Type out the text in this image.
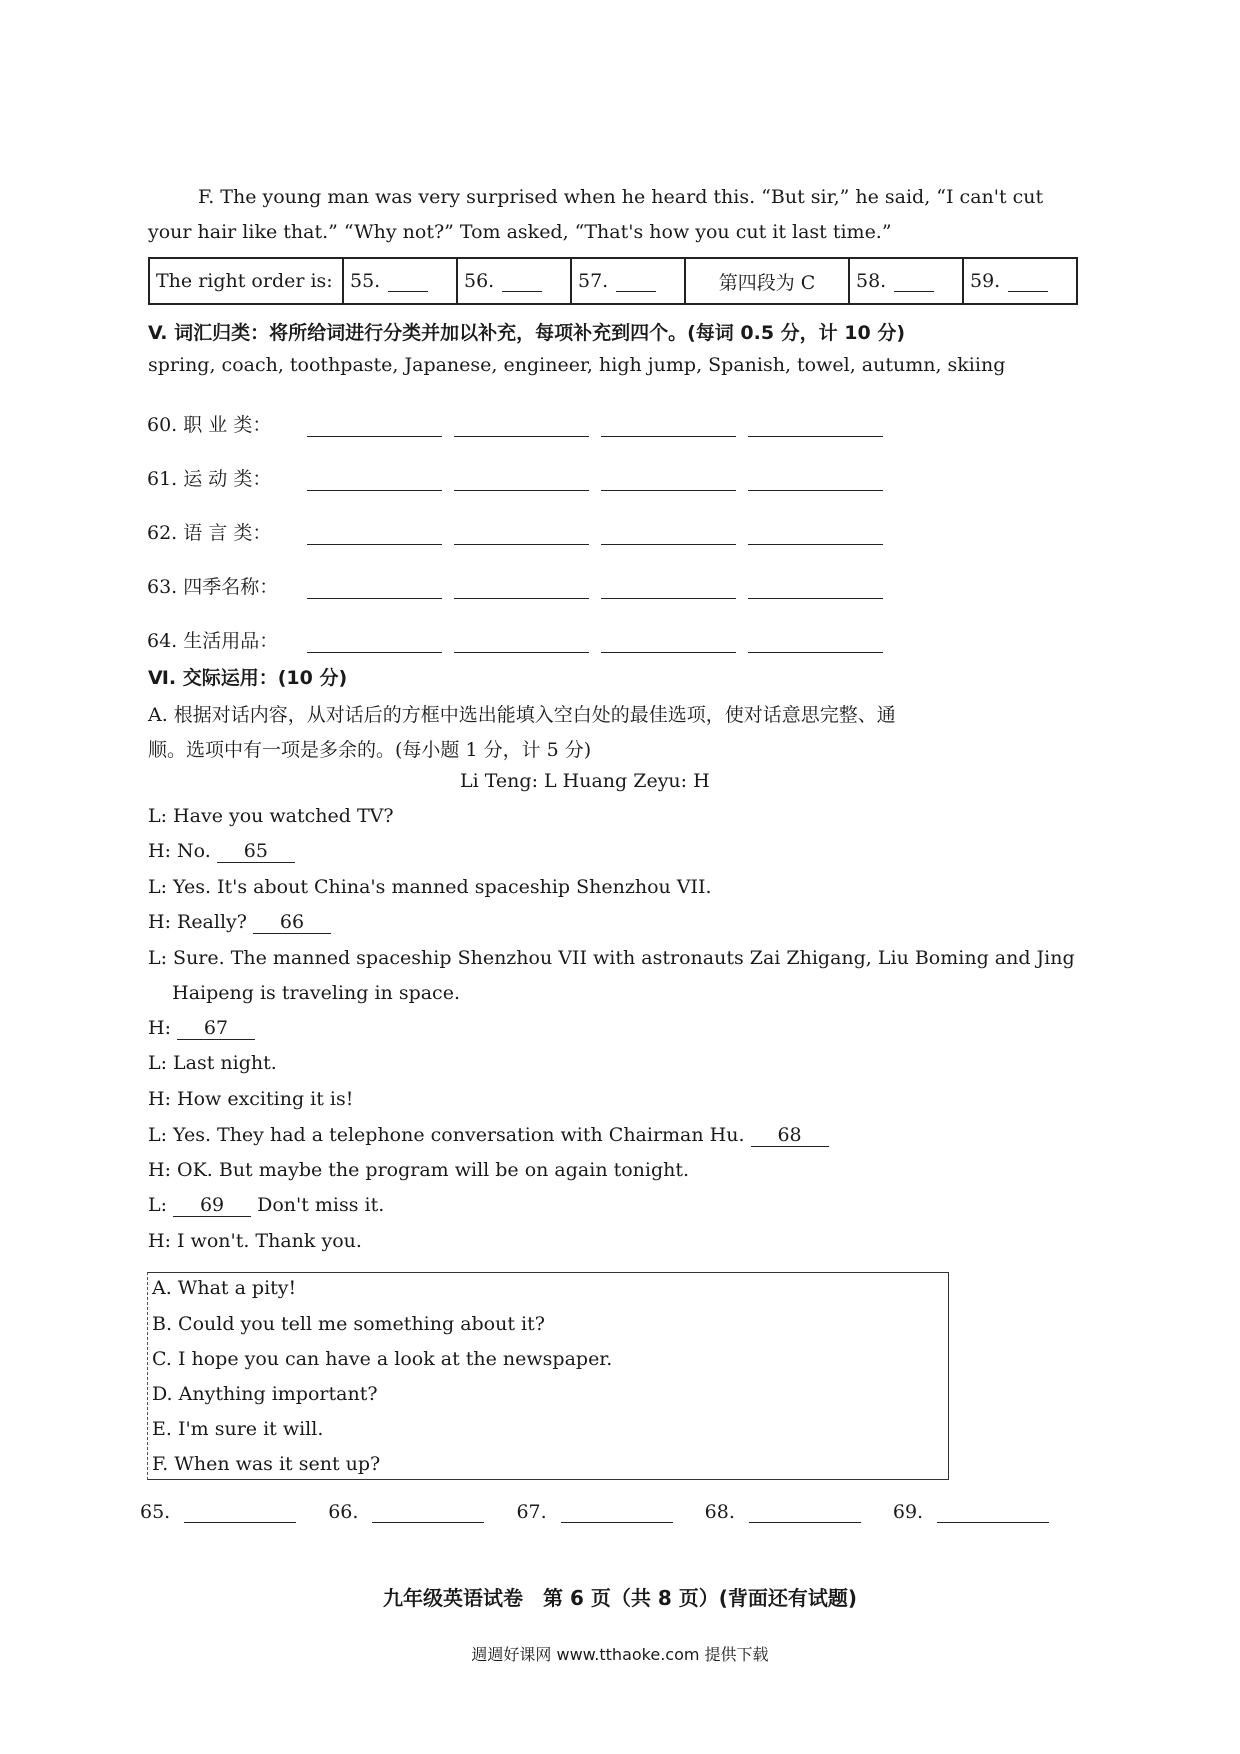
F. The young man was very surprised when he heard this. “But sir,” he said, “I can't cut
your hair like that.” “Why not?” Tom asked, “That's how you cut it last time.”
The right order is:	55.	56.	57.	第四段为 C	58.	59.
V. 词汇归类：将所给词进行分类并加以补充，每项补充到四个。(每词 0.5 分，计 10 分)
spring, coach, toothpaste, Japanese, engineer, high jump, Spanish, towel, autumn, skiing
60. 职 业 类：
61. 运 动 类：
62. 语 言 类：
63. 四季名称：
64. 生活用品：
Ⅵ. 交际运用：(10 分)
A. 根据对话内容，从对话后的方框中选出能填入空白处的最佳选项，使对话意思完整、通
顺。选项中有一项是多余的。(每小题 1 分，计 5 分)
Li Teng: L Huang Zeyu: H
L: Have you watched TV?
H: No. 65
L: Yes. It's about China's manned spaceship Shenzhou VII.
H: Really? 66
L: Sure. The manned spaceship Shenzhou VII with astronauts Zai Zhigang, Liu Boming and Jing
Haipeng is traveling in space.
H: 67
L: Last night.
H: How exciting it is!
L: Yes. They had a telephone conversation with Chairman Hu. 68
H: OK. But maybe the program will be on again tonight.
L: 69 Don't miss it.
H: I won't. Thank you.
A. What a pity!
B. Could you tell me something about it?
C. I hope you can have a look at the newspaper.
D. Anything important?
E. I'm sure it will.
F. When was it sent up?
65.	66.	67.	68.	69.
九年级英语试卷　第 6 页（共 8 页）(背面还有试题)
週週好课网 www.tthaoke.com 提供下载
